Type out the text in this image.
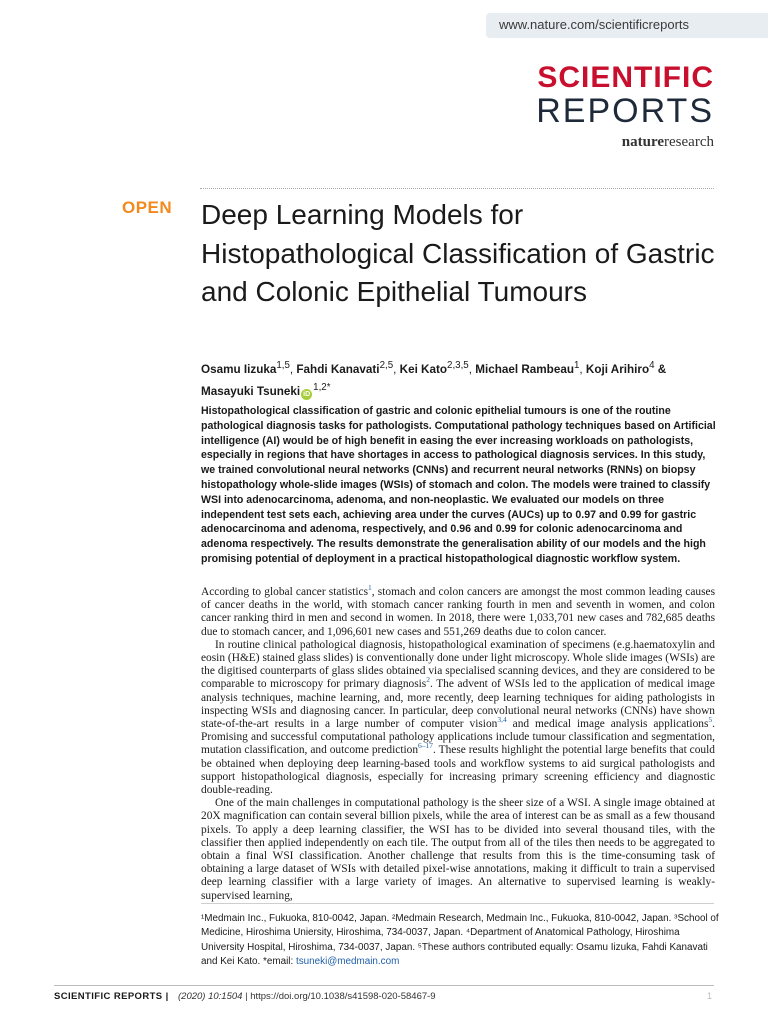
www.nature.com/scientificreports
SCIENTIFIC
REPORTS
natureresearch
OPEN Deep Learning Models for Histopathological Classification of Gastric and Colonic Epithelial Tumours
Osamu Iizuka$^{1,5}$, Fahdi Kanavati$^{2,5}$, Kei Kato$^{2,3,5}$, Michael Rambeau$^1$, Koji Arihiro$^4$ &
Masayuki Tsuneki $iD^{1,2*}$

Histopathological classification of gastric and colonic epithelial tumours is one of the routine pathological diagnosis tasks for pathologists. Computational pathology techniques based on Artificial intelligence (AI) would be of high benefit in easing the ever increasing workloads on pathologists, especially in regions that have shortages in access to pathological diagnosis services. In this study, we trained convolutional neural networks (CNNs) and recurrent neural networks (RNNs) on biopsy histopathology whole-slide images (WSIs) of stomach and colon. The models were trained to classify WSI into adenocarcinoma, adenoma, and non-neoplastic. We evaluated our models on three independent test sets each, achieving area under the curves (AUCs) up to 0.97 and 0.99 for gastric adenocarcinoma and adenoma, respectively, and 0.96 and 0.99 for colonic adenocarcinoma and adenoma respectively. The results demonstrate the generalisation ability of our models and the high promising potential of deployment in a practical histopathological diagnostic workflow system.

According to global cancer statistics$^1$, stomach and colon cancers are amongst the most common leading causes of cancer deaths in the world, with stomach cancer ranking fourth in men and seventh in women, and colon cancer ranking third in men and second in women. In 2018, there were 1,033,701 new cases and 782,685 deaths due to stomach cancer, and 1,096,601 new cases and 551,269 deaths due to colon cancer.

In routine clinical pathological diagnosis, histopathological examination of specimens (e.g.haematoxylin and eosin (H&E) stained glass slides) is conventionally done under light microscopy. Whole slide images (WSIs) are the digitised counterparts of glass slides obtained via specialised scanning devices, and they are considered to be comparable to microscopy for primary diagnosis$^2$. The advent of WSIs led to the application of medical image analysis techniques, machine learning, and, more recently, deep learning techniques for aiding pathologists in inspecting WSIs and diagnosing cancer. In particular, deep convolutional neural networks (CNNs) have shown state-of-the-art results in a large number of computer vision$^{3,4}$ and medical image analysis applications$^5$. Promising and successful computational pathology applications include tumour classification and segmentation, mutation classification, and outcome prediction$^{6-17}$. These results highlight the potential large benefits that could be obtained when deploying deep learning-based tools and workflow systems to aid surgical pathologists and support histopathological diagnosis, especially for increasing primary screening efficiency and diagnostic double-reading.

One of the main challenges in computational pathology is the sheer size of a WSI. A single image obtained at 20X magnification can contain several billion pixels, while the area of interest can be as small as a few thousand pixels. To apply a deep learning classifier, the WSI has to be divided into several thousand tiles, with the classifier then applied independently on each tile. The output from all of the tiles then needs to be aggregated to obtain a final WSI classification. Another challenge that results from this is the time-consuming task of obtaining a large dataset of WSIs with detailed pixel-wise annotations, making it difficult to train a supervised deep learning classifier with a large variety of images. An alternative to supervised learning is weakly-supervised learning,

¹Medmain Inc., Fukuoka, 810-0042, Japan. ²Medmain Research, Medmain Inc., Fukuoka, 810-0042, Japan. ³School of Medicine, Hiroshima Uniersity, Hiroshima, 734-0037, Japan. ⁴Department of Anatomical Pathology, Hiroshima University Hospital, Hiroshima, 734-0037, Japan. ⁵These authors contributed equally: Osamu Iizuka, Fahdi Kanavati and Kei Kato. *email: tsuneki@medmain.com
SCIENTIFIC REPORTS | (2020) 10:1504 | https://doi.org/10.1038/s41598-020-58467-9	1
